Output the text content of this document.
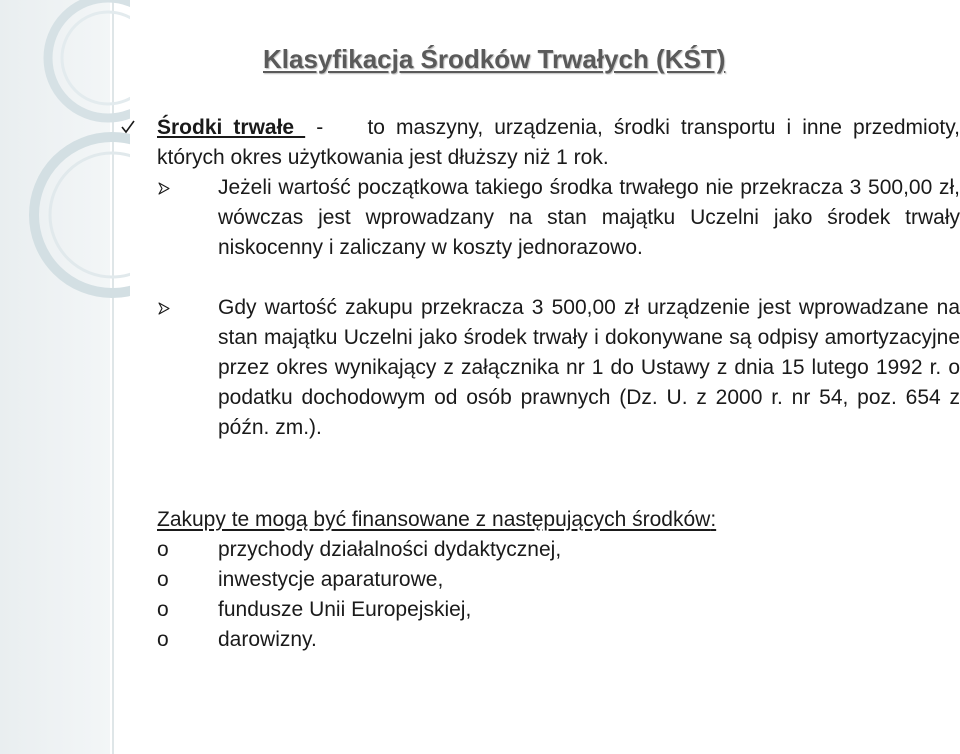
Klasyfikacja Środków Trwałych (KŚT)
Środki trwałe  -    to maszyny, urządzenia, środki transportu i inne przedmioty, których okres użytkowania jest dłuższy niż 1 rok.
Jeżeli wartość początkowa takiego środka trwałego nie przekracza 3 500,00 zł, wówczas jest wprowadzany na stan majątku Uczelni jako środek trwały niskocenny i zaliczany w koszty jednorazowo.
Gdy wartość zakupu przekracza 3 500,00 zł urządzenie jest wprowadzane na stan majątku Uczelni jako środek trwały i dokonywane są odpisy amortyzacyjne przez okres wynikający z załącznika nr 1 do Ustawy z dnia 15 lutego 1992 r. o podatku dochodowym od osób prawnych (Dz. U. z 2000 r. nr 54, poz. 654 z późn. zm.).
Zakupy te mogą być finansowane z następujących środków:
o przychody działalności dydaktycznej,
o inwestycje aparaturowe,
o fundusze Unii Europejskiej,
o darowizny.
